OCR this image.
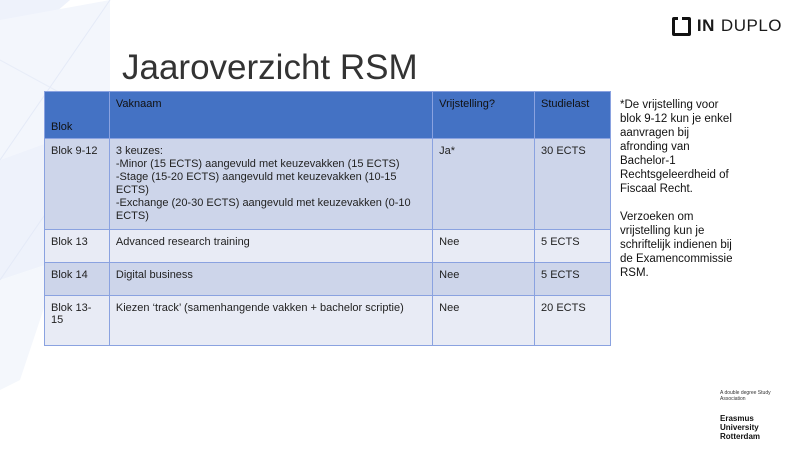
IN DUPLO
Jaaroverzicht RSM
Blok	Vaknaam	Vrijstelling?	Studielast
Blok 9-12	3 keuzes:
-Minor (15 ECTS) aangevuld met keuzevakken (15 ECTS)
-Stage (15-20 ECTS) aangevuld met keuzevakken (10-15 ECTS)
-Exchange (20-30 ECTS) aangevuld met keuzevakken (0-10 ECTS)	Ja*	30 ECTS
Blok 13	Advanced research training	Nee	5 ECTS
Blok 14	Digital business	Nee	5 ECTS
Blok 13-15	Kiezen ‘track’ (samenhangende vakken + bachelor scriptie)	Nee	20 ECTS

*De vrijstelling voor blok 9-12 kun je enkel aanvragen bij afronding van Bachelor-1 Rechtsgeleerdheid of Fiscaal Recht.

Verzoeken om vrijstelling kun je schriftelijk indienen bij de Examencommissie RSM.

A double degree Study Association
Erasmus
University
Rotterdam
